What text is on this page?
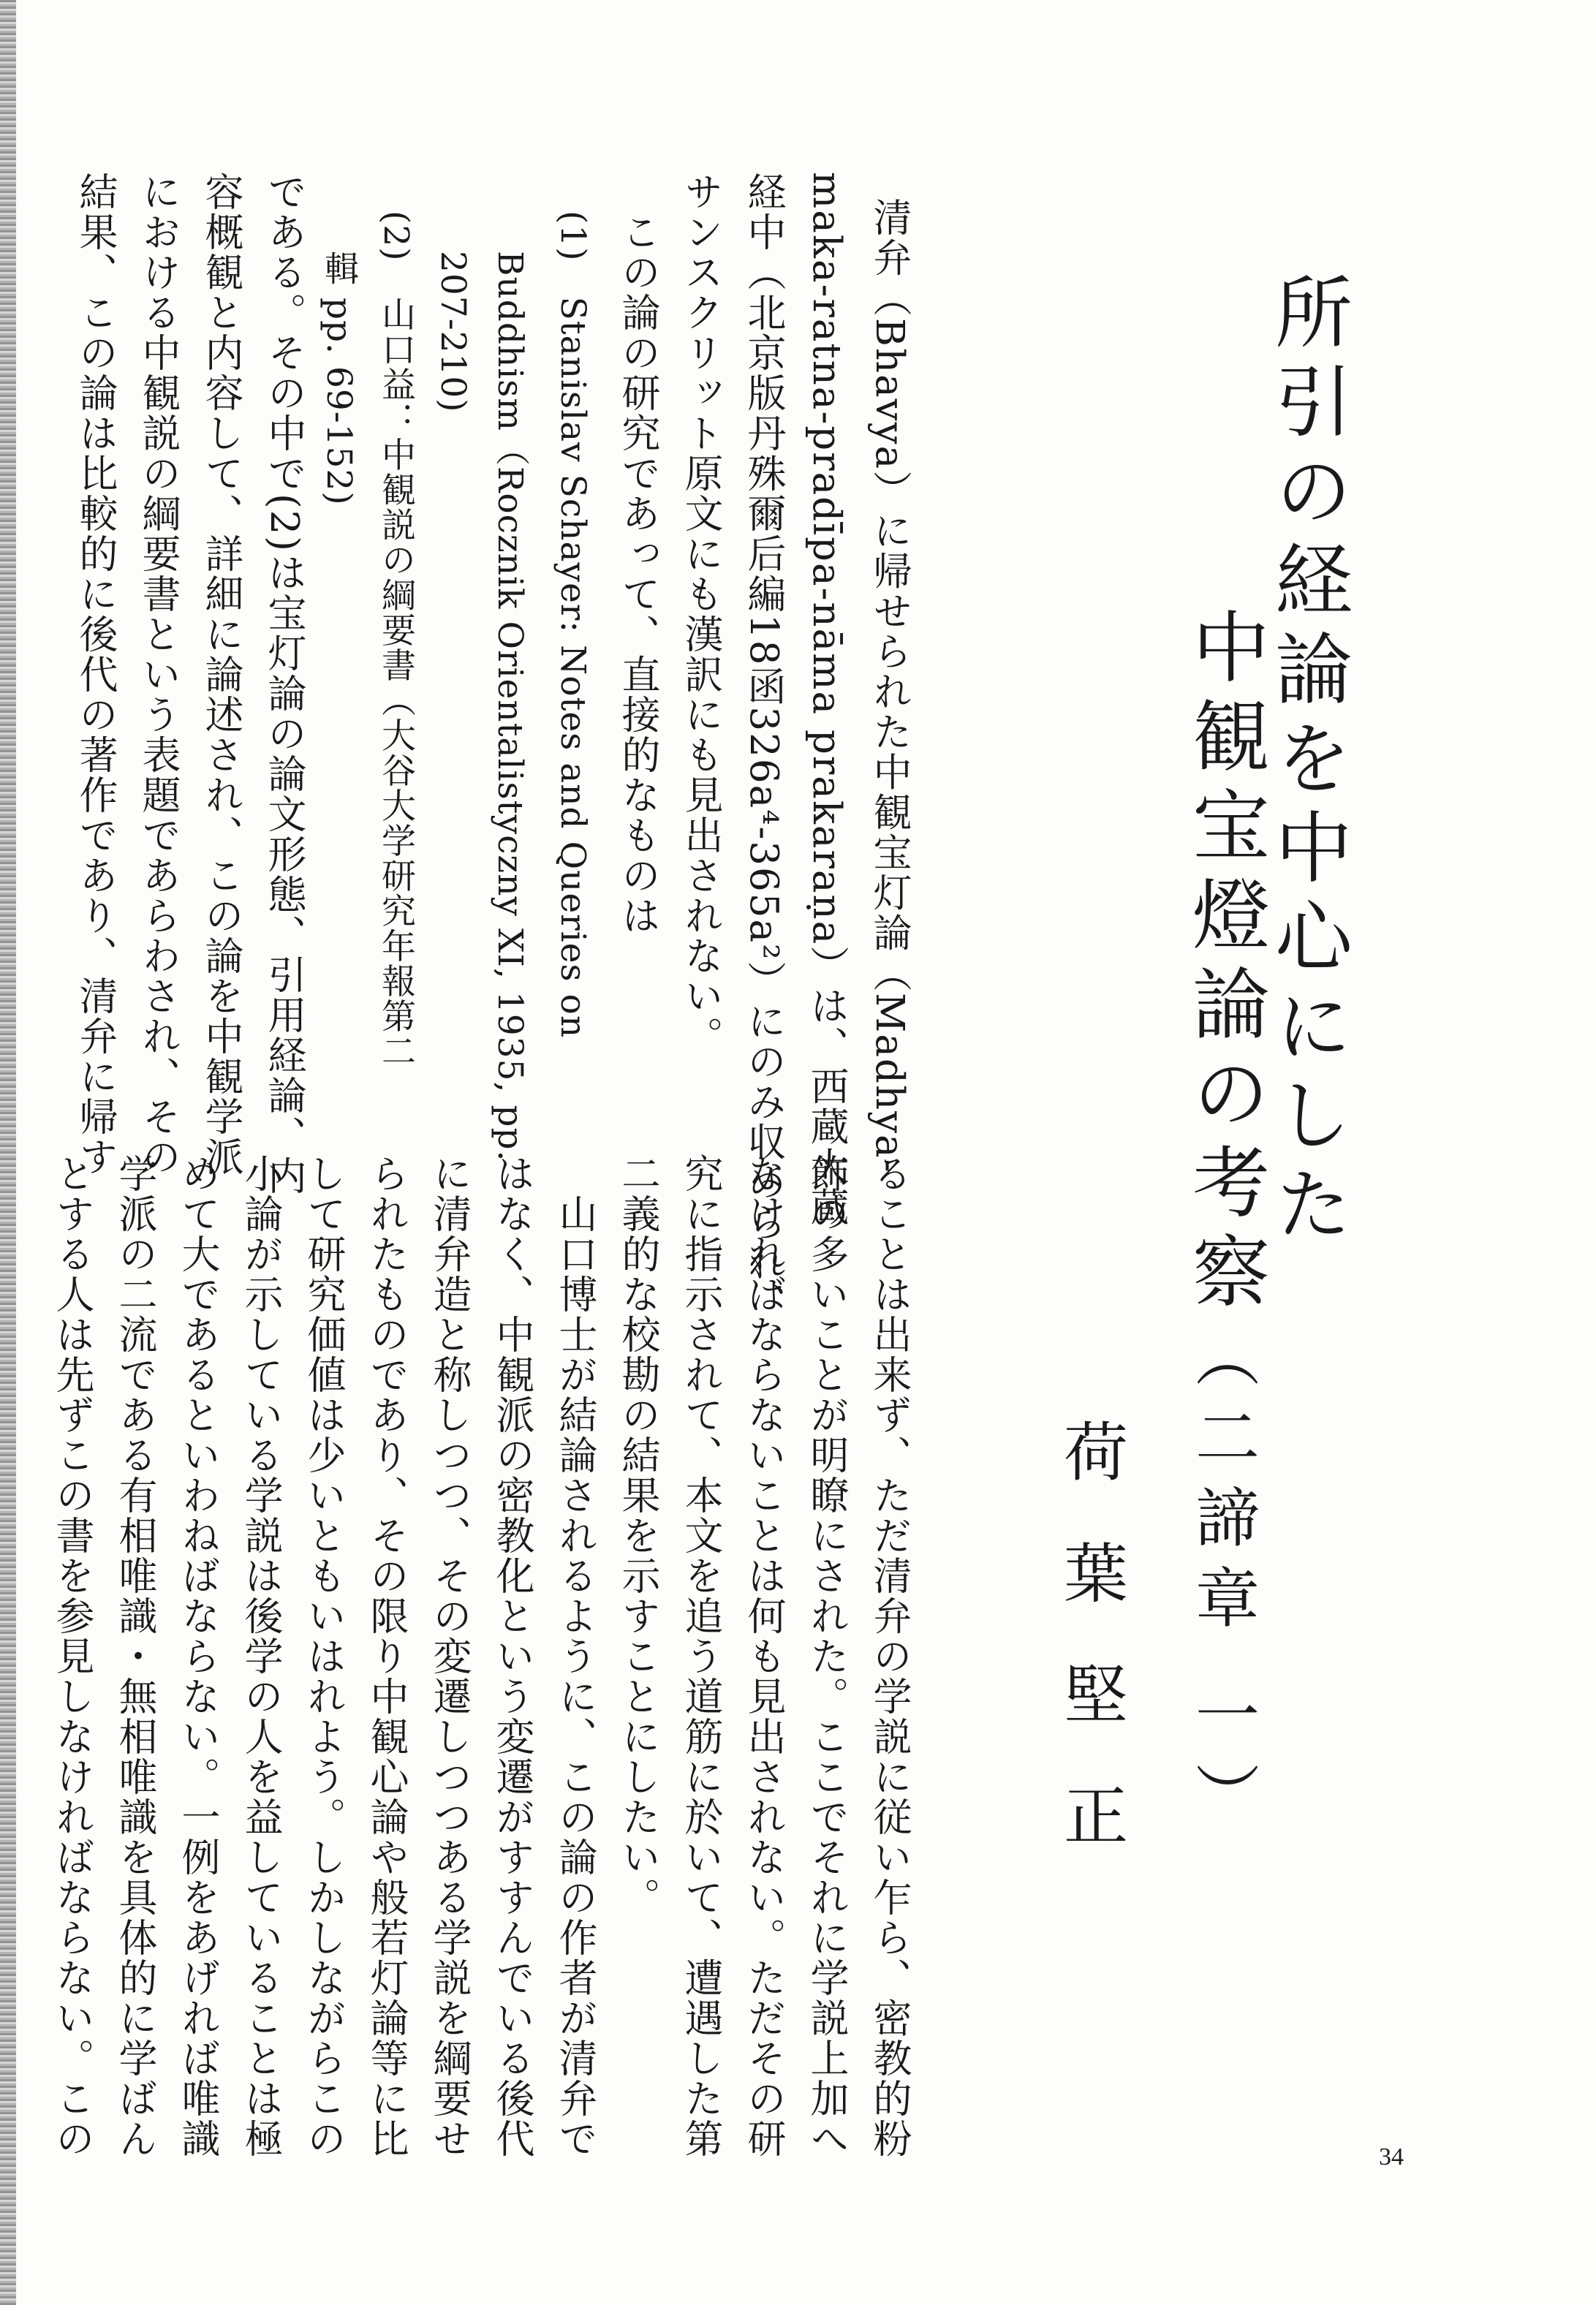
所引の経論を中心にした
中観宝燈論の考察
（二諦章 一）
荷葉堅正
清弁（Bhavya）に帰せられた中観宝灯論（Madhya-
maka-ratna-pradīpa-nāma prakaraṇa）は、西蔵大蔵
経中（北京版丹殊爾后編18函326a⁴-365a²）にのみ収められ、
サンスクリット原文にも漢訳にも見出されない。
この論の研究であって、直接的なものは
(1)　Stanislav Schayer: Notes and Queries on
Buddhism（Rocznik Orientalistyczny XI, 1935, pp.
207-210)
(2)　山口益：中観説の綱要書（大谷大学研究年報第二
輯 pp. 69-152)
である。その中で(2)は宝灯論の論文形態、引用経論、内
容概観と内容して、詳細に論述され、この論を中観学派
における中観説の綱要書という表題であらわされ、その
結果、この論は比較的に後代の著作であり、清弁に帰す
ることは出来ず、ただ清弁の学説に従い乍ら、密教的粉
飾の多いことが明瞭にされた。ここでそれに学説上加へ
なければならないことは何も見出されない。ただその研
究に指示されて、本文を追う道筋に於いて、遭遇した第
二義的な校勘の結果を示すことにしたい。
山口博士が結論されるように、この論の作者が清弁で
はなく、中観派の密教化という変遷がすすんでいる後代
に清弁造と称しつつ、その変遷しつつある学説を綱要せ
られたものであり、その限り中観心論や般若灯論等に比
して研究価値は少いともいはれよう。しかしながらこの
小論が示している学説は後学の人を益していることは極
めて大であるといわねばならない。一例をあげれば唯識
学派の二流である有相唯識・無相唯識を具体的に学ばん
とする人は先ずこの書を参見しなければならない。この	34
